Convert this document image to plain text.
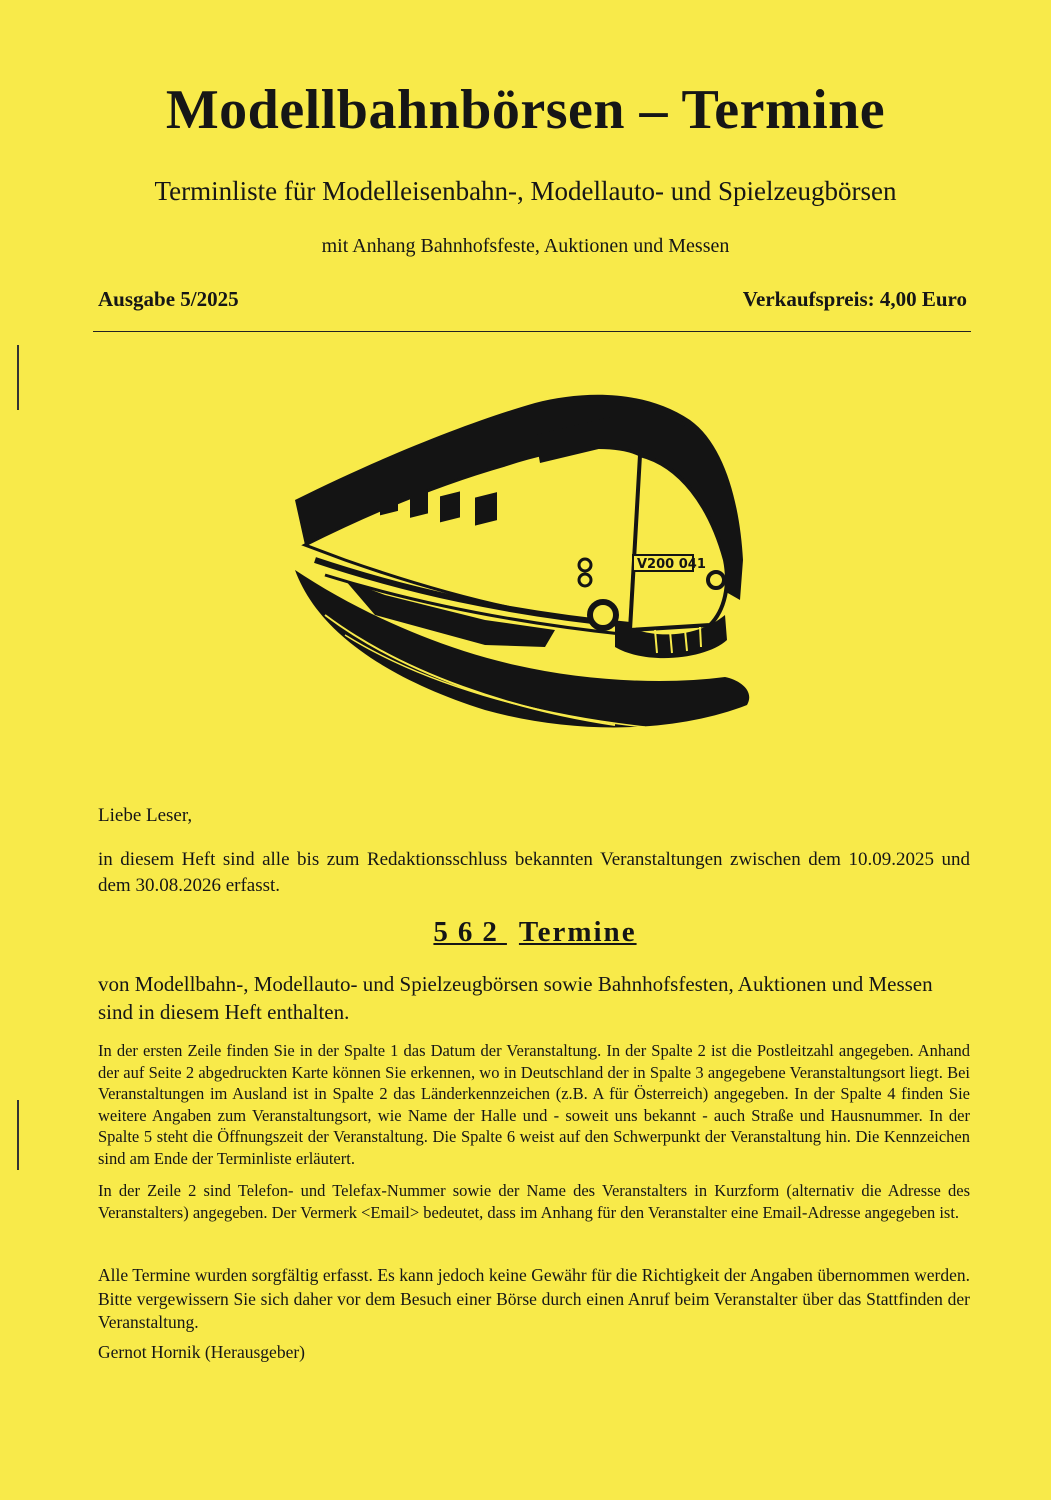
Modellbahnbörsen – Termine
Terminliste für Modelleisenbahn-, Modellauto- und Spielzeugbörsen
mit Anhang Bahnhofsfeste, Auktionen und Messen
Ausgabe 5/2025	Verkaufspreis: 4,00 Euro
V200 041
Liebe Leser,
in diesem Heft sind alle bis zum Redaktionsschluss bekannten Veranstaltungen zwischen dem 10.09.2025 und dem 30.08.2026 erfasst.
562 Termine
von Modellbahn-, Modellauto- und Spielzeugbörsen sowie Bahnhofsfesten, Auktionen und Messen sind in diesem Heft enthalten.
In der ersten Zeile finden Sie in der Spalte 1 das Datum der Veranstaltung. In der Spalte 2 ist die Postleitzahl angegeben. Anhand der auf Seite 2 abgedruckten Karte können Sie erkennen, wo in Deutschland der in Spalte 3 angegebene Veranstaltungsort liegt. Bei Veranstaltungen im Ausland ist in Spalte 2 das Länderkennzeichen (z.B. A für Österreich) angegeben. In der Spalte 4 finden Sie weitere Angaben zum Veranstaltungsort, wie Name der Halle und - soweit uns bekannt - auch Straße und Hausnummer. In der Spalte 5 steht die Öffnungszeit der Veranstaltung. Die Spalte 6 weist auf den Schwerpunkt der Veranstaltung hin. Die Kennzeichen sind am Ende der Terminliste erläutert.
In der Zeile 2 sind Telefon- und Telefax-Nummer sowie der Name des Veranstalters in Kurzform (alternativ die Adresse des Veranstalters) angegeben. Der Vermerk <Email> bedeutet, dass im Anhang für den Veranstalter eine Email-Adresse angegeben ist.
Alle Termine wurden sorgfältig erfasst. Es kann jedoch keine Gewähr für die Richtigkeit der Angaben übernommen werden. Bitte vergewissern Sie sich daher vor dem Besuch einer Börse durch einen Anruf beim Veranstalter über das Stattfinden der Veranstaltung.
Gernot Hornik (Herausgeber)
